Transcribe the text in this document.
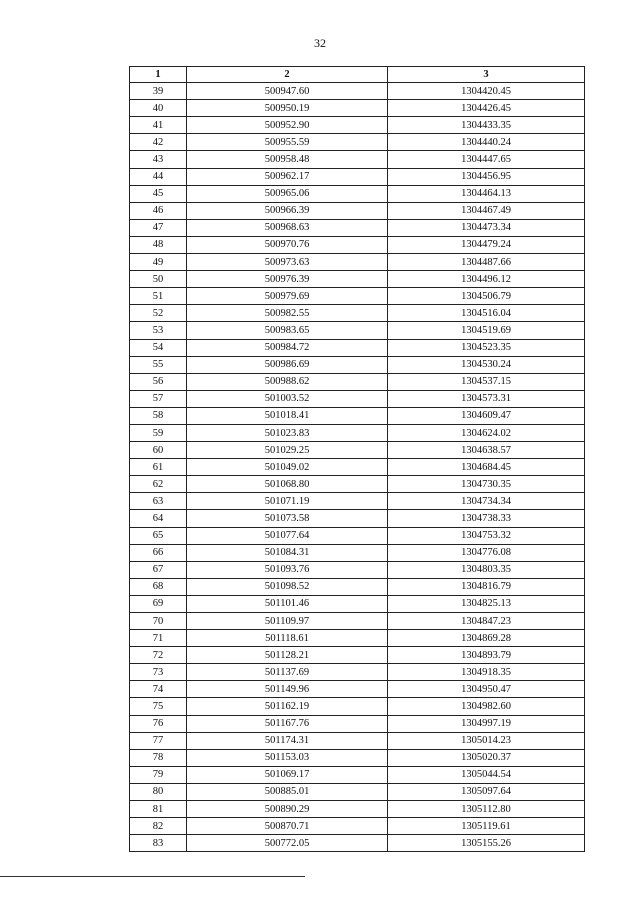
32
1	2	3
39	500947.60	1304420.45
40	500950.19	1304426.45
41	500952.90	1304433.35
42	500955.59	1304440.24
43	500958.48	1304447.65
44	500962.17	1304456.95
45	500965.06	1304464.13
46	500966.39	1304467.49
47	500968.63	1304473.34
48	500970.76	1304479.24
49	500973.63	1304487.66
50	500976.39	1304496.12
51	500979.69	1304506.79
52	500982.55	1304516.04
53	500983.65	1304519.69
54	500984.72	1304523.35
55	500986.69	1304530.24
56	500988.62	1304537.15
57	501003.52	1304573.31
58	501018.41	1304609.47
59	501023.83	1304624.02
60	501029.25	1304638.57
61	501049.02	1304684.45
62	501068.80	1304730.35
63	501071.19	1304734.34
64	501073.58	1304738.33
65	501077.64	1304753.32
66	501084.31	1304776.08
67	501093.76	1304803.35
68	501098.52	1304816.79
69	501101.46	1304825.13
70	501109.97	1304847.23
71	501118.61	1304869.28
72	501128.21	1304893.79
73	501137.69	1304918.35
74	501149.96	1304950.47
75	501162.19	1304982.60
76	501167.76	1304997.19
77	501174.31	1305014.23
78	501153.03	1305020.37
79	501069.17	1305044.54
80	500885.01	1305097.64
81	500890.29	1305112.80
82	500870.71	1305119.61
83	500772.05	1305155.26
